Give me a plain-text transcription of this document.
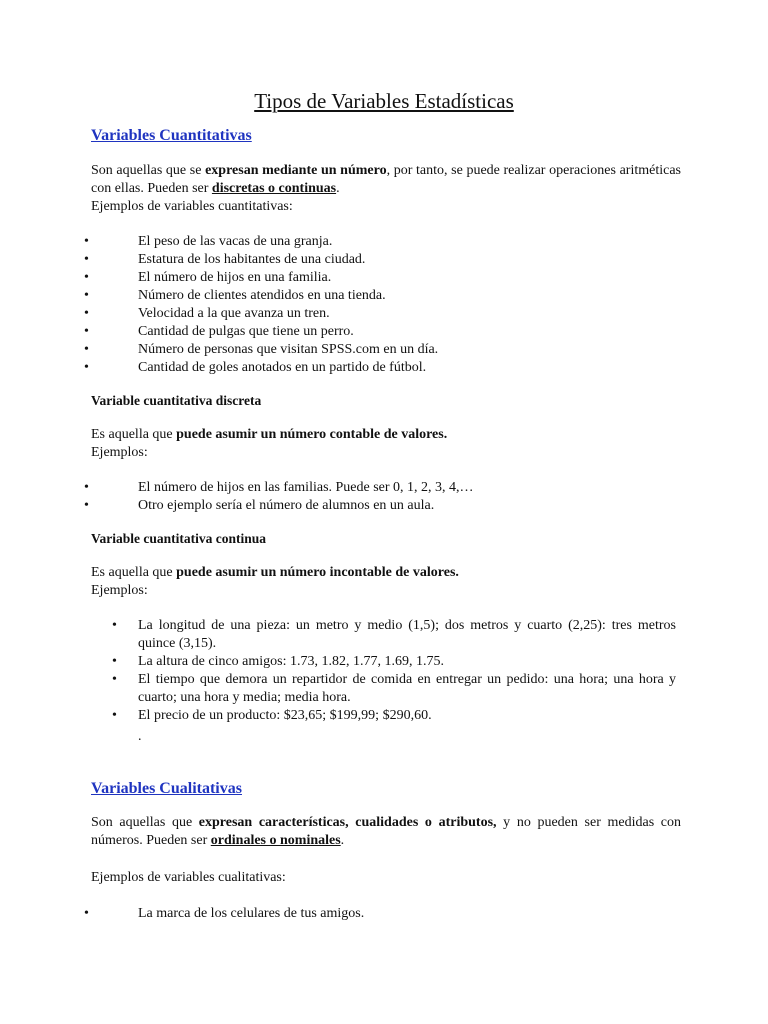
Tipos de Variables Estadísticas
Variables Cuantitativas

Son aquellas que se expresan mediante un número, por tanto, se puede realizar operaciones aritméticas con ellas. Pueden ser discretas o continuas.

Ejemplos de variables cuantitativas:

•	El peso de las vacas de una granja.
•	Estatura de los habitantes de una ciudad.
•	El número de hijos en una familia.
•	Número de clientes atendidos en una tienda.
•	Velocidad a la que avanza un tren.
•	Cantidad de pulgas que tiene un perro.
•	Número de personas que visitan SPSS.com en un día.
•	Cantidad de goles anotados en un partido de fútbol.
Variable cuantitativa discreta

Es aquella que puede asumir un número contable de valores.

Ejemplos:

•	El número de hijos en las familias. Puede ser 0, 1, 2, 3, 4,…
•	Otro ejemplo sería el número de alumnos en un aula.
Variable cuantitativa continua

Es aquella que puede asumir un número incontable de valores.

Ejemplos:

• La longitud de una pieza: un metro y medio (1,5); dos metros y cuarto (2,25): tres metros quince (3,15).
• La altura de cinco amigos: 1.73, 1.82, 1.77, 1.69, 1.75.
• El tiempo que demora un repartidor de comida en entregar un pedido: una hora; una hora y cuarto; una hora y media; media hora.
• El precio de un producto: $23,65; $199,99; $290,60.
.
Variables Cualitativas

Son aquellas que expresan características, cualidades o atributos, y no pueden ser medidas con números. Pueden ser ordinales o nominales.

Ejemplos de variables cualitativas:

•	La marca de los celulares de tus amigos.
